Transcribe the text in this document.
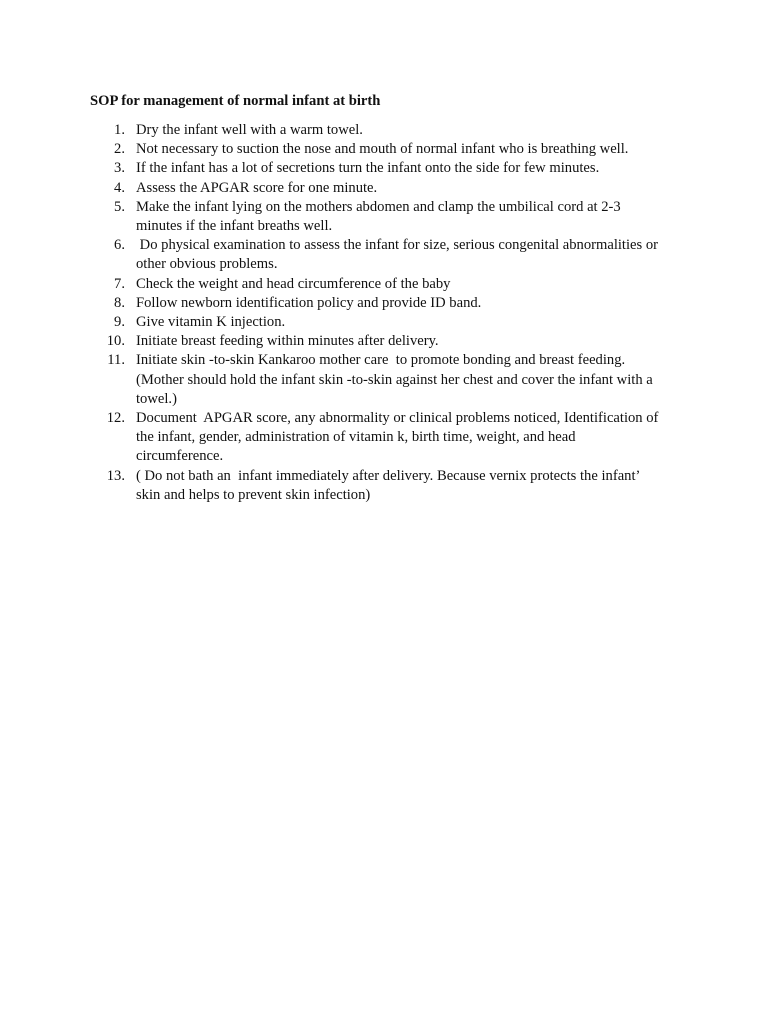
SOP for management of normal infant at birth
1. Dry the infant well with a warm towel.
2. Not necessary to suction the nose and mouth of normal infant who is breathing well.
3. If the infant has a lot of secretions turn the infant onto the side for few minutes.
4. Assess the APGAR score for one minute.
5. Make the infant lying on the mothers abdomen and clamp the umbilical cord at 2-3
minutes if the infant breaths well.
6. Do physical examination to assess the infant for size, serious congenital abnormalities or
other obvious problems.
7. Check the weight and head circumference of the baby
8. Follow newborn identification policy and provide ID band.
9. Give vitamin K injection.
10. Initiate breast feeding within minutes after delivery.
11. Initiate skin -to-skin Kankaroo mother care  to promote bonding and breast feeding.
(Mother should hold the infant skin -to-skin against her chest and cover the infant with a
towel.)
12. Document  APGAR score, any abnormality or clinical problems noticed, Identification of
the infant, gender, administration of vitamin k, birth time, weight, and head
circumference.
13. ( Do not bath an  infant immediately after delivery. Because vernix protects the infant’
skin and helps to prevent skin infection)
